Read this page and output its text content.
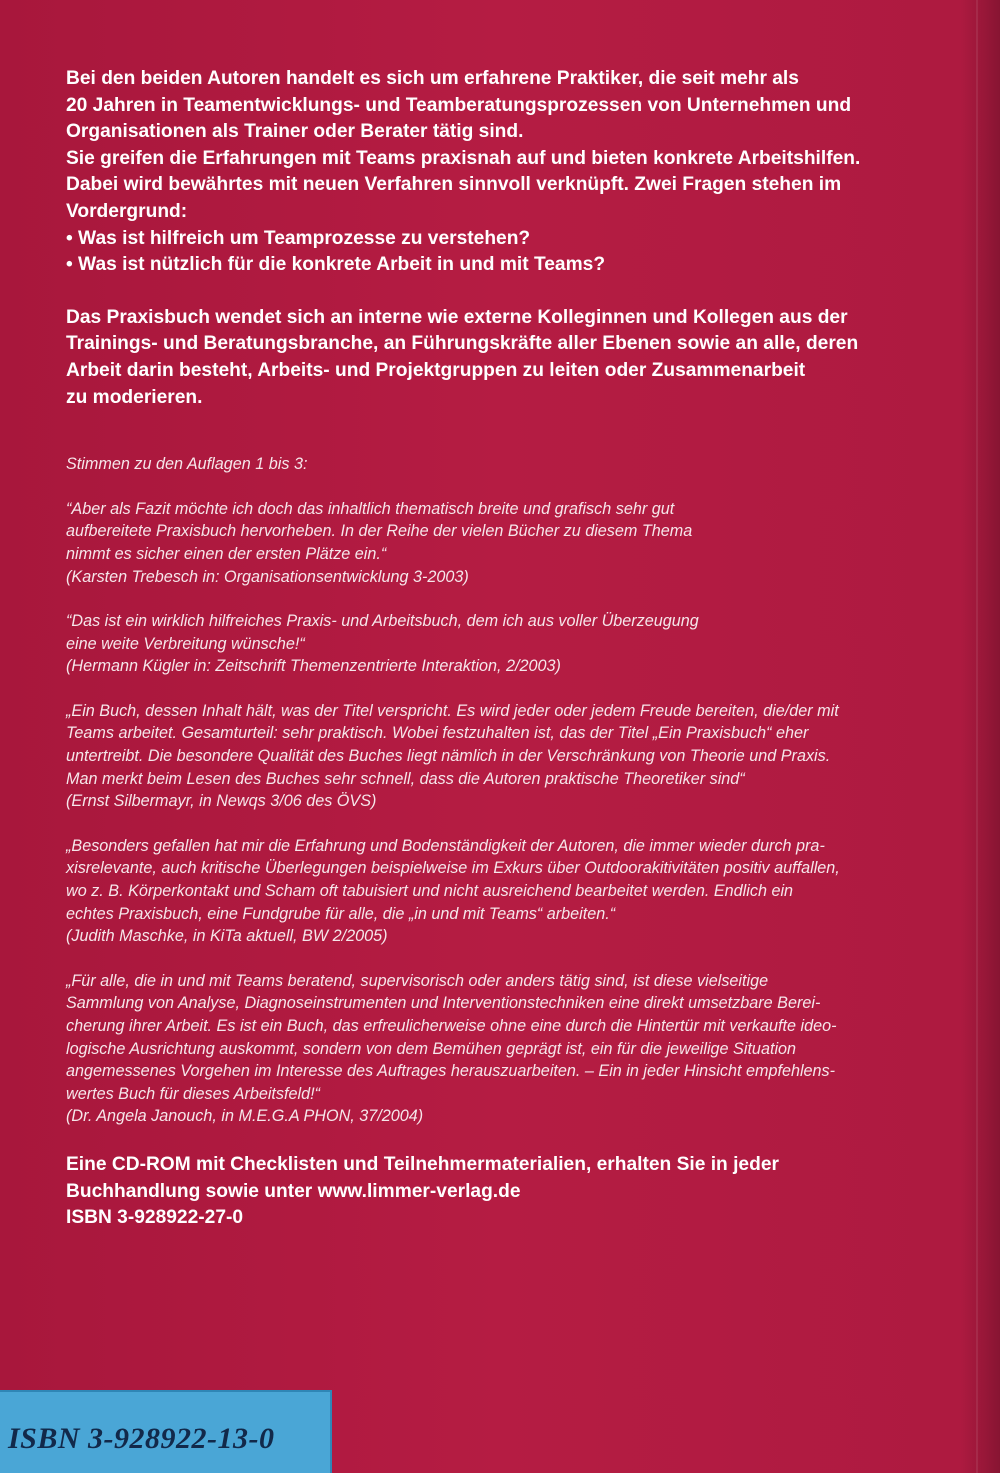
Bei den beiden Autoren handelt es sich um erfahrene Praktiker, die seit mehr als

20 Jahren in Teamentwicklungs- und Teamberatungsprozessen von Unternehmen und

Organisationen als Trainer oder Berater tätig sind.

Sie greifen die Erfahrungen mit Teams praxisnah auf und bieten konkrete Arbeitshilfen.

Dabei wird bewährtes mit neuen Verfahren sinnvoll verknüpft. Zwei Fragen stehen im

Vordergrund:

• Was ist hilfreich um Teamprozesse zu verstehen?
• Was ist nützlich für die konkrete Arbeit in und mit Teams?

Das Praxisbuch wendet sich an interne wie externe Kolleginnen und Kollegen aus der

Trainings- und Beratungsbranche, an Führungskräfte aller Ebenen sowie an alle, deren

Arbeit darin besteht, Arbeits- und Projektgruppen zu leiten oder Zusammenarbeit

zu moderieren.

Stimmen zu den Auflagen 1 bis 3:

“Aber als Fazit möchte ich doch das inhaltlich thematisch breite und grafisch sehr gut

aufbereitete Praxisbuch hervorheben. In der Reihe der vielen Bücher zu diesem Thema

nimmt es sicher einen der ersten Plätze ein.“

(Karsten Trebesch in: Organisationsentwicklung 3-2003)

“Das ist ein wirklich hilfreiches Praxis- und Arbeitsbuch, dem ich aus voller Überzeugung

eine weite Verbreitung wünsche!“

(Hermann Kügler in: Zeitschrift Themenzentrierte Interaktion, 2/2003)

„Ein Buch, dessen Inhalt hält, was der Titel verspricht. Es wird jeder oder jedem Freude bereiten, die/der mit

Teams arbeitet. Gesamturteil: sehr praktisch. Wobei festzuhalten ist, das der Titel „Ein Praxisbuch“ eher

untertreibt. Die besondere Qualität des Buches liegt nämlich in der Verschränkung von Theorie und Praxis.

Man merkt beim Lesen des Buches sehr schnell, dass die Autoren praktische Theoretiker sind“

(Ernst Silbermayr, in Newqs 3/06 des ÖVS)

„Besonders gefallen hat mir die Erfahrung und Bodenständigkeit der Autoren, die immer wieder durch pra-

xisrelevante, auch kritische Überlegungen beispielweise im Exkurs über Outdoorakitivitäten positiv auffallen,

wo z. B. Körperkontakt und Scham oft tabuisiert und nicht ausreichend bearbeitet werden. Endlich ein

echtes Praxisbuch, eine Fundgrube für alle, die „in und mit Teams“ arbeiten.“

(Judith Maschke, in KiTa aktuell, BW 2/2005)

„Für alle, die in und mit Teams beratend, supervisorisch oder anders tätig sind, ist diese vielseitige

Sammlung von Analyse, Diagnoseinstrumenten und Interventionstechniken eine direkt umsetzbare Berei-

cherung ihrer Arbeit. Es ist ein Buch, das erfreulicherweise ohne eine durch die Hintertür mit verkaufte ideo-

logische Ausrichtung auskommt, sondern von dem Bemühen geprägt ist, ein für die jeweilige Situation

angemessenes Vorgehen im Interesse des Auftrages herauszuarbeiten. – Ein in jeder Hinsicht empfehlens-

wertes Buch für dieses Arbeitsfeld!“

(Dr. Angela Janouch, in M.E.G.A PHON, 37/2004)

Eine CD-ROM mit Checklisten und Teilnehmermaterialien, erhalten Sie in jeder

Buchhandlung sowie unter www.limmer-verlag.de

ISBN 3-928922-27-0

ISBN 3-928922-13-0
